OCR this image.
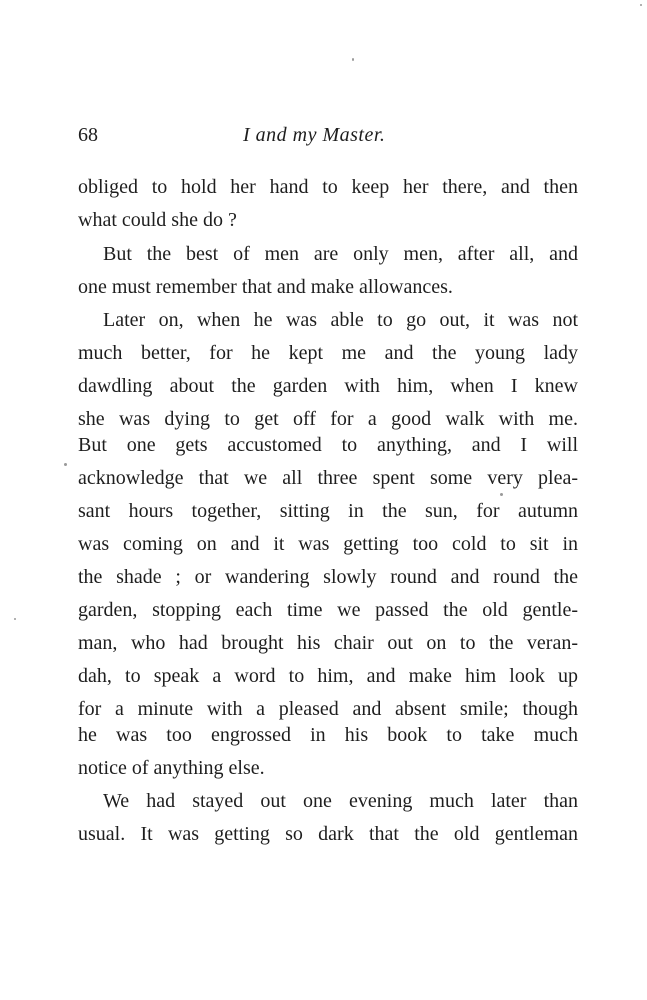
68	I and my Master.
obliged to hold her hand to keep her there, and then
what could she do ?
But the best of men are only men, after all, and
one must remember that and make allowances.
Later on, when he was able to go out, it was not
much better, for he kept me and the young lady
dawdling about the garden with him, when I knew
she was dying to get off for a good walk with me.
But one gets accustomed to anything, and I will
acknowledge that we all three spent some very plea-
sant hours together, sitting in the sun, for autumn
was coming on and it was getting too cold to sit in
the shade ; or wandering slowly round and round the
garden, stopping each time we passed the old gentle-
man, who had brought his chair out on to the veran-
dah, to speak a word to him, and make him look up
for a minute with a pleased and absent smile; though
he was too engrossed in his book to take much
notice of anything else.
We had stayed out one evening much later than
usual. It was getting so dark that the old gentleman
